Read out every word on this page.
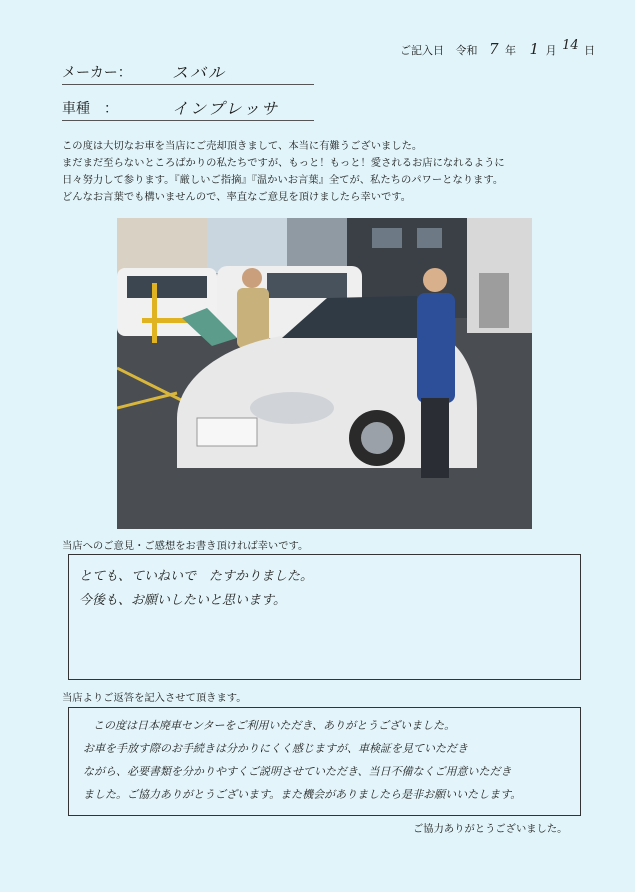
ご記入日 令和 7 年 1 月 14 日
メーカー：	スバル
車種　：	インプレッサ

この度は大切なお車を当店にご売却頂きまして、本当に有難うございました。

まだまだ至らないところばかりの私たちですが、もっと！もっと！愛されるお店になれるように

日々努力して参ります。『厳しいご指摘』『温かいお言葉』全てが、私たちのパワーとなります。

どんなお言葉でも構いませんので、率直なご意見を頂けましたら幸いです。

当店へのご意見・ご感想をお書き頂ければ幸いです。

とても、ていねいで　たすかりました。

今後も、お願いしたいと思います。

当店よりご返答を記入させて頂きます。

この度は日本廃車センターをご利用いただき、ありがとうございました。

お車を手放す際のお手続きは分かりにくく感じますが、車検証を見ていただき

ながら、必要書類を分かりやすくご説明させていただき、当日不備なくご用意いただき

ました。ご協力ありがとうございます。また機会がありましたら是非お願いいたします。

ご協力ありがとうございました。
